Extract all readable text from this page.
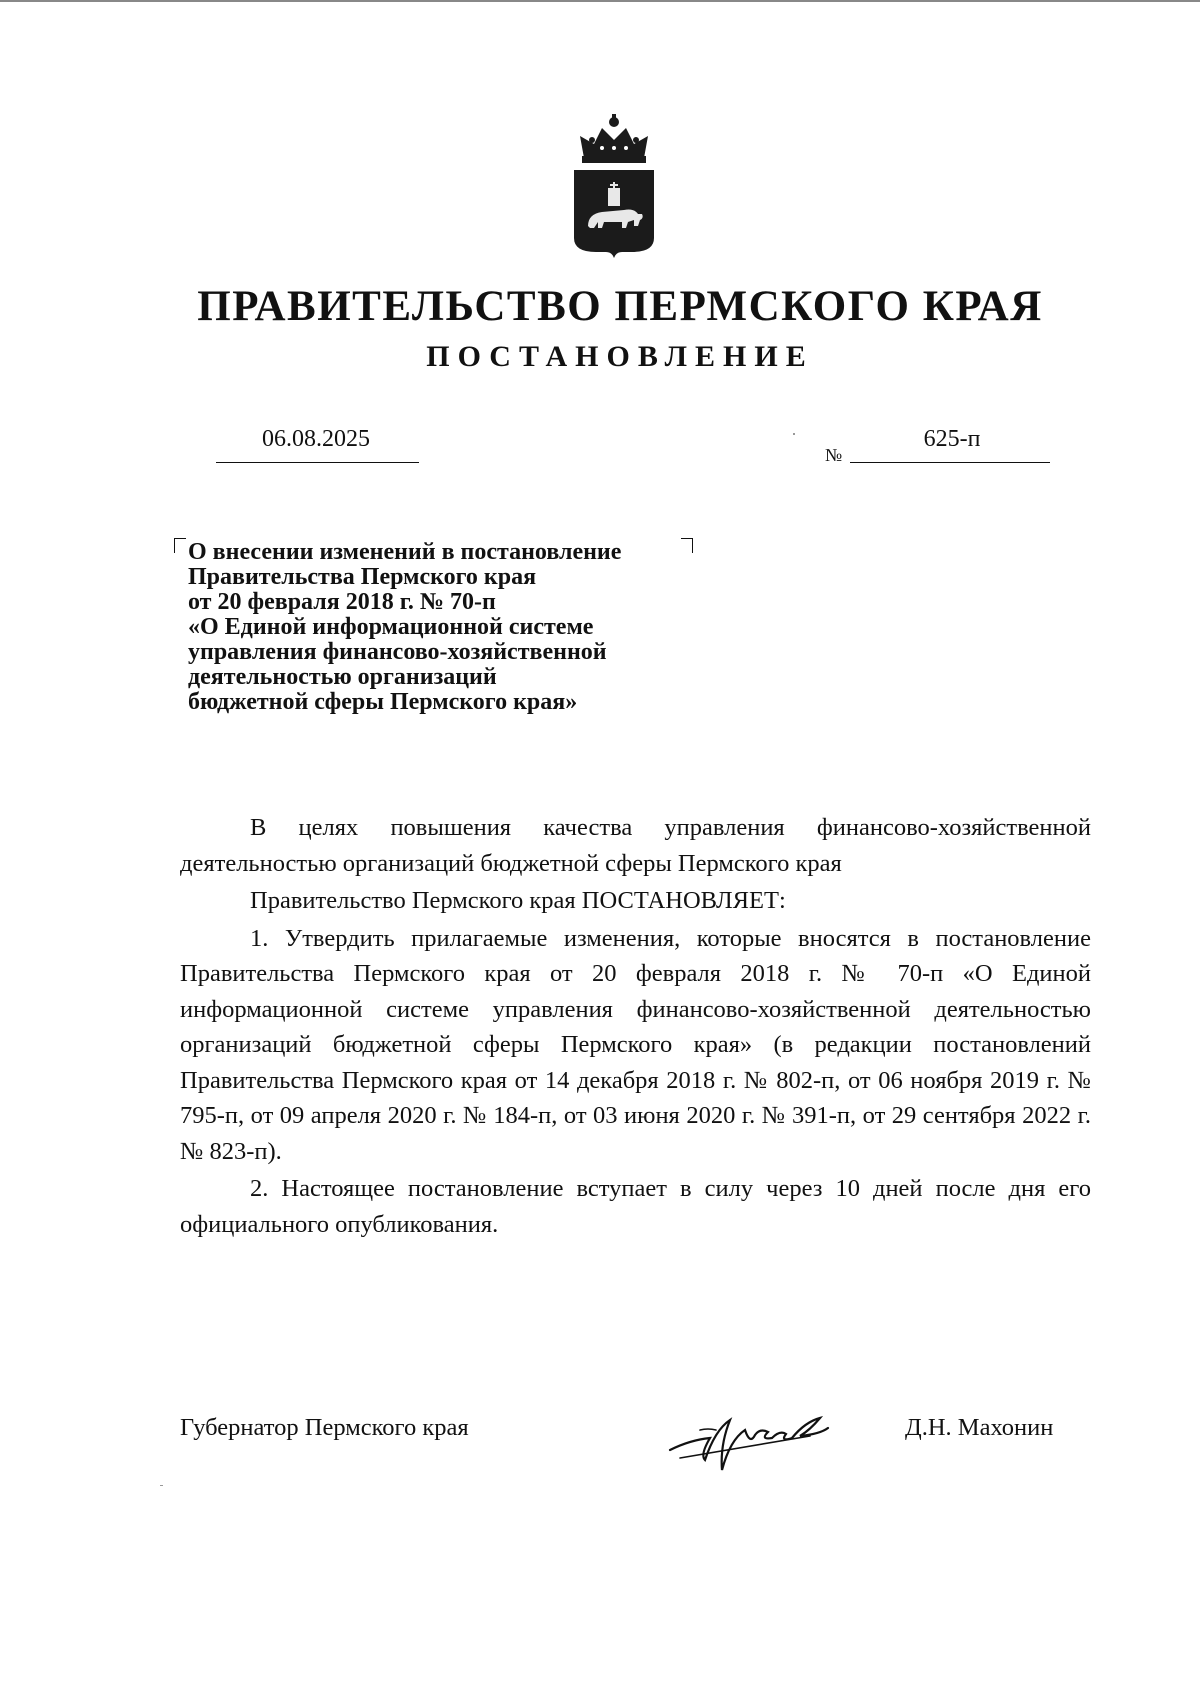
ПРАВИТЕЛЬСТВО ПЕРМСКОГО КРАЯ
ПОСТАНОВЛЕНИЕ
06.08.2025
№
625-п
О внесении изменений в постановление
Правительства Пермского края
от 20 февраля 2018 г. № 70-п
«О Единой информационной системе
управления финансово-хозяйственной
деятельностью организаций
бюджетной сферы Пермского края»

В целях повышения качества управления финансово-хозяйственной деятельностью организаций бюджетной сферы Пермского края

Правительство Пермского края ПОСТАНОВЛЯЕТ:

1. Утвердить прилагаемые изменения, которые вносятся в постановление Правительства Пермского края от 20 февраля 2018 г. № 70-п «О Единой информационной системе управления финансово-хозяйственной деятельностью организаций бюджетной сферы Пермского края» (в редакции постановлений Правительства Пермского края от 14 декабря 2018 г. № 802-п, от 06 ноября 2019 г. № 795-п, от 09 апреля 2020 г. № 184-п, от 03 июня 2020 г. № 391-п, от 29 сентября 2022 г. № 823-п).

2. Настоящее постановление вступает в силу через 10 дней после дня его официального опубликования.

Губернатор Пермского края	Д.Н. Махонин
